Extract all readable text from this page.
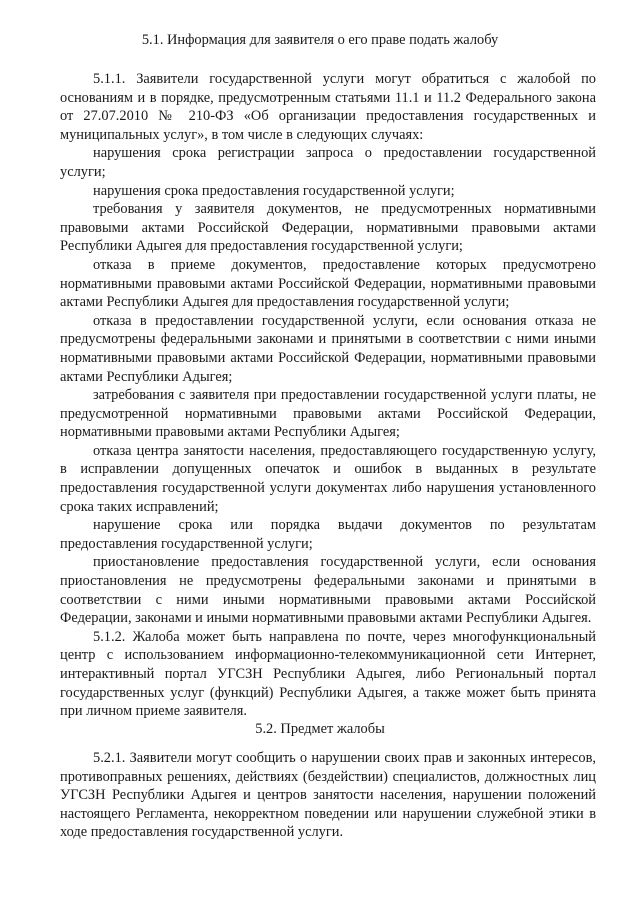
5.1. Информация для заявителя о его праве подать жалобу

5.1.1. Заявители государственной услуги могут обратиться с жалобой по основаниям и в порядке, предусмотренным статьями 11.1 и 11.2 Федерального закона от 27.07.2010 № 210-ФЗ «Об организации предоставления государственных и муниципальных услуг», в том числе в следующих случаях:

нарушения срока регистрации запроса о предоставлении государственной услуги;

нарушения срока предоставления государственной услуги;

требования у заявителя документов, не предусмотренных нормативными правовыми актами Российской Федерации, нормативными правовыми актами Республики Адыгея для предоставления государственной услуги;

отказа в приеме документов, предоставление которых предусмотрено нормативными правовыми актами Российской Федерации, нормативными правовыми актами Республики Адыгея для предоставления государственной услуги;

отказа в предоставлении государственной услуги, если основания отказа не предусмотрены федеральными законами и принятыми в соответствии с ними иными нормативными правовыми актами Российской Федерации, нормативными правовыми актами Республики Адыгея;

затребования с заявителя при предоставлении государственной услуги платы, не предусмотренной нормативными правовыми актами Российской Федерации, нормативными правовыми актами Республики Адыгея;

отказа центра занятости населения, предоставляющего государственную услугу, в исправлении допущенных опечаток и ошибок в выданных в результате предоставления государственной услуги документах либо нарушения установленного срока таких исправлений;

нарушение срока или порядка выдачи документов по результатам предоставления государственной услуги;

приостановление предоставления государственной услуги, если основания приостановления не предусмотрены федеральными законами и принятыми в соответствии с ними иными нормативными правовыми актами Российской Федерации, законами и иными нормативными правовыми актами Республики Адыгея.

5.1.2. Жалоба может быть направлена по почте, через многофункциональный центр с использованием информационно-телекоммуникационной сети Интернет, интерактивный портал УГСЗН Республики Адыгея, либо Региональный портал государственных услуг (функций) Республики Адыгея, а также может быть принята при личном приеме заявителя.

5.2. Предмет жалобы

5.2.1. Заявители могут сообщить о нарушении своих прав и законных интересов, противоправных решениях, действиях (бездействии) специалистов, должностных лиц УГСЗН Республики Адыгея и центров занятости населения, нарушении положений настоящего Регламента, некорректном поведении или нарушении служебной этики в ходе предоставления государственной услуги.
